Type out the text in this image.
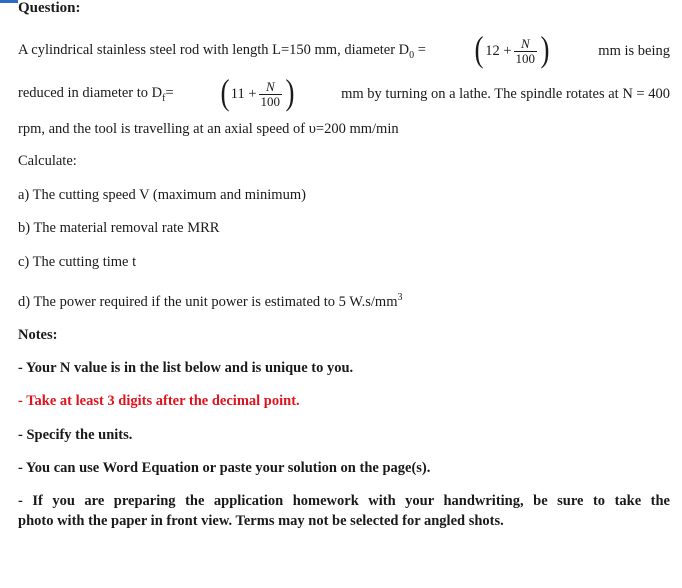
Question:
A cylindrical stainless steel rod with length L=150 mm, diameter $D_0$ = ( $12 + \frac{N}{100}$ )	mm is being
reduced in diameter to $D_f=$ ( $11 + \frac{N}{100}$ )	mm by turning on a lathe. The spindle rotates at N = 400
rpm, and the tool is travelling at an axial speed of υ=200 mm/min
Calculate:
a) The cutting speed V (maximum and minimum)
b) The material removal rate MRR
c) The cutting time t
d) The power required if the unit power is estimated to 5 $W.s/mm^3$
Notes:
- Your N value is in the list below and is unique to you.
- Take at least 3 digits after the decimal point.
- Specify the units.
- You can use Word Equation or paste your solution on the page(s).
- If you are preparing the application homework with your handwriting, be sure to take the
photo with the paper in front view. Terms may not be selected for angled shots.
